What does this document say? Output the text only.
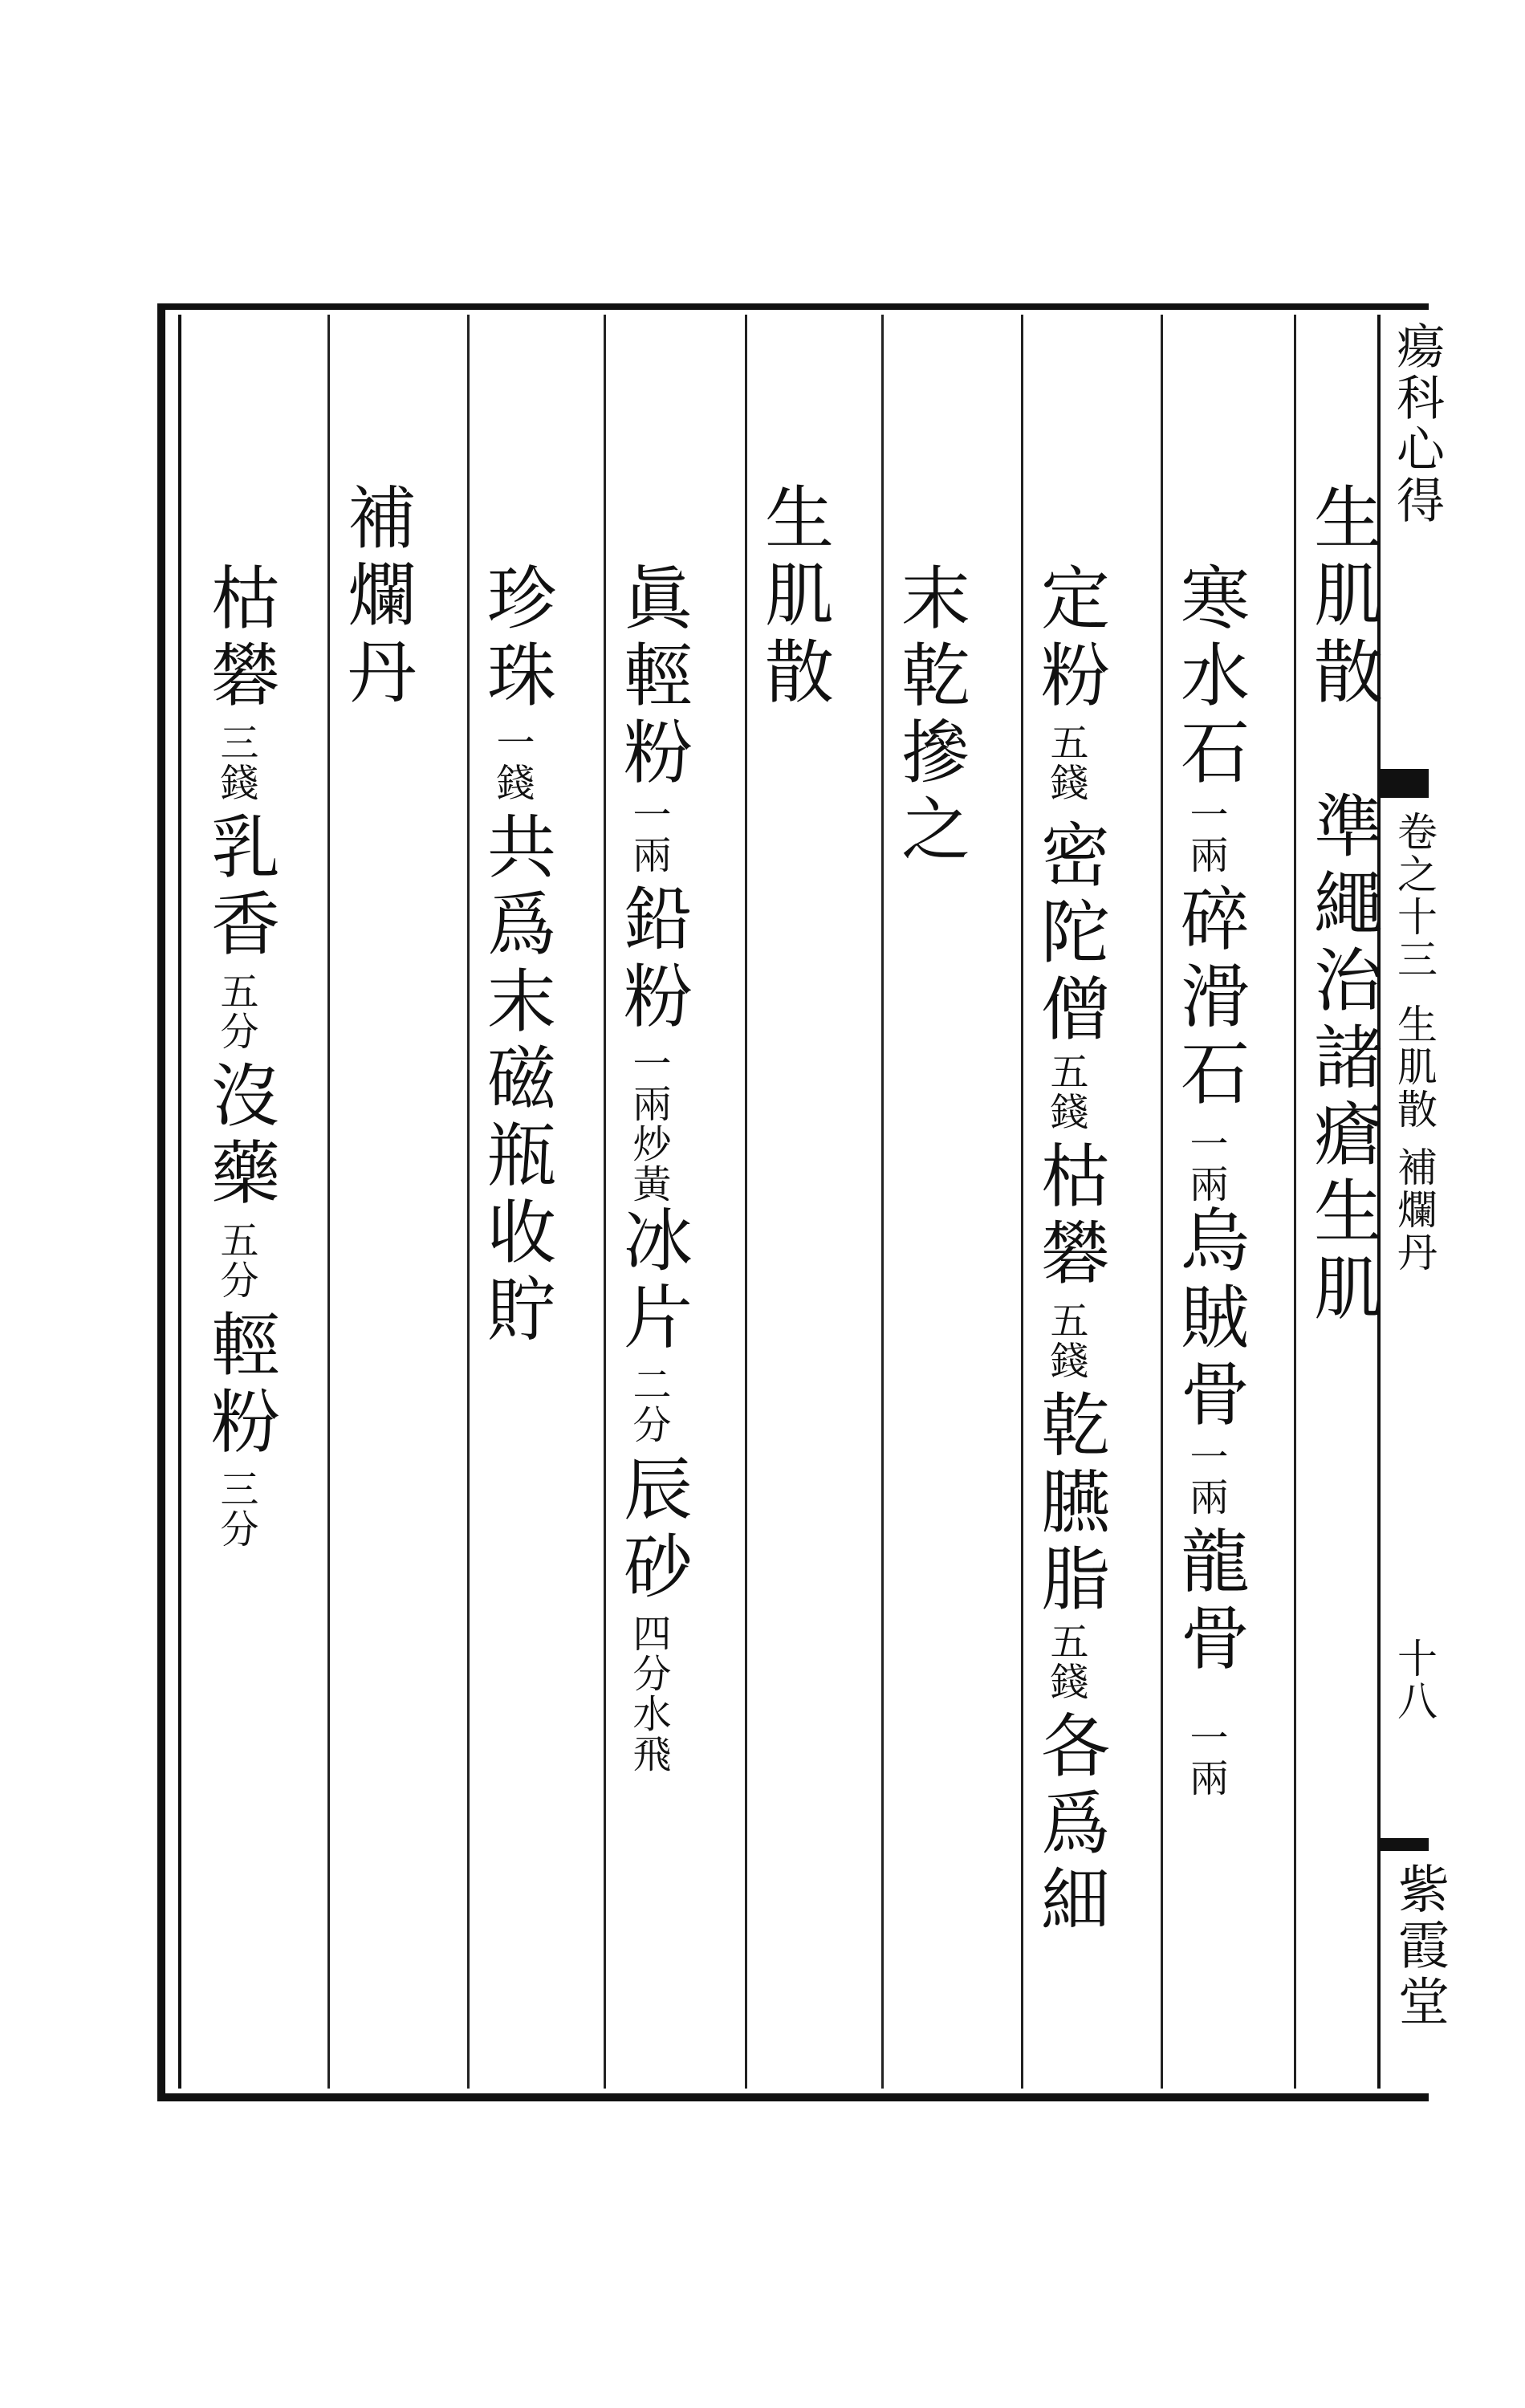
瘍科心得
卷之十三
生肌散 補爛丹
十八
紫霞堂
生肌散　準繩治諸瘡生肌
寒水石
一兩
碎滑石
一兩
烏賊骨
一兩
龍骨
一兩
定粉
五錢
密陀僧
五錢
枯礬
五錢
乾臙脂
五錢
各爲細
末乾摻之
生肌散
眞輕粉
一兩
鉛粉
一兩炒黃
冰片
二分
辰砂
四分水飛
珍珠
一錢
共爲末磁瓶收貯
補爛丹
枯礬
三錢
乳香
五分
沒藥
五分
輕粉
三分
